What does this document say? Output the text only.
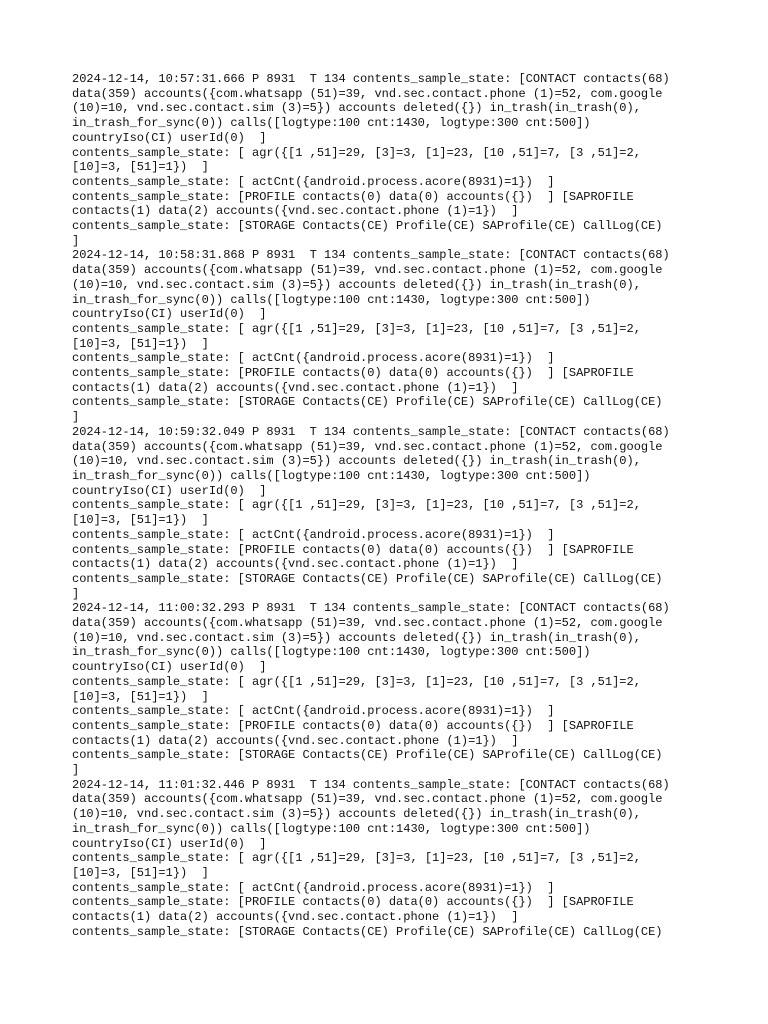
2024-12-14, 10:57:31.666 P 8931  T 134 contents_sample_state: [CONTACT contacts(68)
data(359) accounts({com.whatsapp (51)=39, vnd.sec.contact.phone (1)=52, com.google
(10)=10, vnd.sec.contact.sim (3)=5}) accounts deleted({}) in_trash(in_trash(0),
in_trash_for_sync(0)) calls([logtype:100 cnt:1430, logtype:300 cnt:500])
countryIso(CI) userId(0)  ]
contents_sample_state: [ agr({[1 ,51]=29, [3]=3, [1]=23, [10 ,51]=7, [3 ,51]=2,
[10]=3, [51]=1})  ]
contents_sample_state: [ actCnt({android.process.acore(8931)=1})  ]
contents_sample_state: [PROFILE contacts(0) data(0) accounts({})  ] [SAPROFILE
contacts(1) data(2) accounts({vnd.sec.contact.phone (1)=1})  ]
contents_sample_state: [STORAGE Contacts(CE) Profile(CE) SAProfile(CE) CallLog(CE)
]
2024-12-14, 10:58:31.868 P 8931  T 134 contents_sample_state: [CONTACT contacts(68)
data(359) accounts({com.whatsapp (51)=39, vnd.sec.contact.phone (1)=52, com.google
(10)=10, vnd.sec.contact.sim (3)=5}) accounts deleted({}) in_trash(in_trash(0),
in_trash_for_sync(0)) calls([logtype:100 cnt:1430, logtype:300 cnt:500])
countryIso(CI) userId(0)  ]
contents_sample_state: [ agr({[1 ,51]=29, [3]=3, [1]=23, [10 ,51]=7, [3 ,51]=2,
[10]=3, [51]=1})  ]
contents_sample_state: [ actCnt({android.process.acore(8931)=1})  ]
contents_sample_state: [PROFILE contacts(0) data(0) accounts({})  ] [SAPROFILE
contacts(1) data(2) accounts({vnd.sec.contact.phone (1)=1})  ]
contents_sample_state: [STORAGE Contacts(CE) Profile(CE) SAProfile(CE) CallLog(CE)
]
2024-12-14, 10:59:32.049 P 8931  T 134 contents_sample_state: [CONTACT contacts(68)
data(359) accounts({com.whatsapp (51)=39, vnd.sec.contact.phone (1)=52, com.google
(10)=10, vnd.sec.contact.sim (3)=5}) accounts deleted({}) in_trash(in_trash(0),
in_trash_for_sync(0)) calls([logtype:100 cnt:1430, logtype:300 cnt:500])
countryIso(CI) userId(0)  ]
contents_sample_state: [ agr({[1 ,51]=29, [3]=3, [1]=23, [10 ,51]=7, [3 ,51]=2,
[10]=3, [51]=1})  ]
contents_sample_state: [ actCnt({android.process.acore(8931)=1})  ]
contents_sample_state: [PROFILE contacts(0) data(0) accounts({})  ] [SAPROFILE
contacts(1) data(2) accounts({vnd.sec.contact.phone (1)=1})  ]
contents_sample_state: [STORAGE Contacts(CE) Profile(CE) SAProfile(CE) CallLog(CE)
]
2024-12-14, 11:00:32.293 P 8931  T 134 contents_sample_state: [CONTACT contacts(68)
data(359) accounts({com.whatsapp (51)=39, vnd.sec.contact.phone (1)=52, com.google
(10)=10, vnd.sec.contact.sim (3)=5}) accounts deleted({}) in_trash(in_trash(0),
in_trash_for_sync(0)) calls([logtype:100 cnt:1430, logtype:300 cnt:500])
countryIso(CI) userId(0)  ]
contents_sample_state: [ agr({[1 ,51]=29, [3]=3, [1]=23, [10 ,51]=7, [3 ,51]=2,
[10]=3, [51]=1})  ]
contents_sample_state: [ actCnt({android.process.acore(8931)=1})  ]
contents_sample_state: [PROFILE contacts(0) data(0) accounts({})  ] [SAPROFILE
contacts(1) data(2) accounts({vnd.sec.contact.phone (1)=1})  ]
contents_sample_state: [STORAGE Contacts(CE) Profile(CE) SAProfile(CE) CallLog(CE)
]
2024-12-14, 11:01:32.446 P 8931  T 134 contents_sample_state: [CONTACT contacts(68)
data(359) accounts({com.whatsapp (51)=39, vnd.sec.contact.phone (1)=52, com.google
(10)=10, vnd.sec.contact.sim (3)=5}) accounts deleted({}) in_trash(in_trash(0),
in_trash_for_sync(0)) calls([logtype:100 cnt:1430, logtype:300 cnt:500])
countryIso(CI) userId(0)  ]
contents_sample_state: [ agr({[1 ,51]=29, [3]=3, [1]=23, [10 ,51]=7, [3 ,51]=2,
[10]=3, [51]=1})  ]
contents_sample_state: [ actCnt({android.process.acore(8931)=1})  ]
contents_sample_state: [PROFILE contacts(0) data(0) accounts({})  ] [SAPROFILE
contacts(1) data(2) accounts({vnd.sec.contact.phone (1)=1})  ]
contents_sample_state: [STORAGE Contacts(CE) Profile(CE) SAProfile(CE) CallLog(CE)
